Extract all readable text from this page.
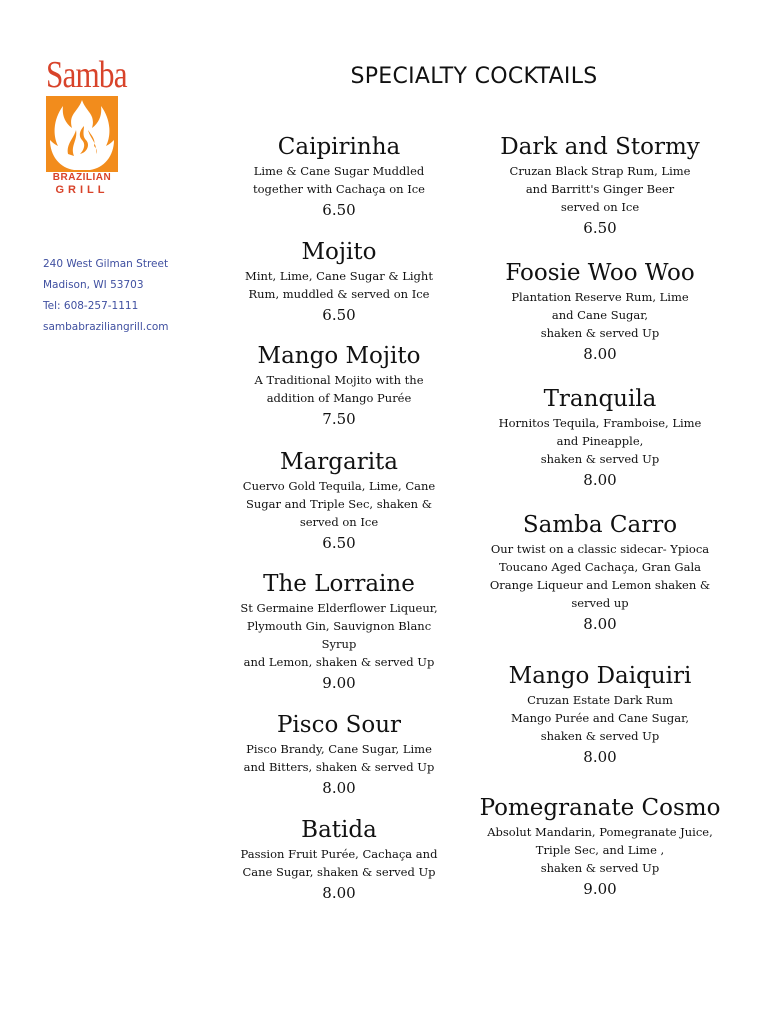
Samba
BRAZILIAN
GRILL
240 West Gilman Street
Madison, WI 53703
Tel: 608-257-1111
sambabraziliangrill.com
SPECIALTY COCKTAILS
Caipirinha
Lime & Cane Sugar Muddled
together with Cachaça on Ice
6.50
Mojito
Mint, Lime, Cane Sugar & Light
Rum, muddled & served on Ice
6.50
Mango Mojito
A Traditional Mojito with the
addition of Mango Purée
7.50
Margarita
Cuervo Gold Tequila, Lime, Cane
Sugar and Triple Sec, shaken &
served on Ice
6.50
The Lorraine
St Germaine Elderflower Liqueur,
Plymouth Gin, Sauvignon Blanc
Syrup
and Lemon, shaken & served Up
9.00
Pisco Sour
Pisco Brandy, Cane Sugar, Lime
and Bitters, shaken & served Up
8.00
Batida
Passion Fruit Purée, Cachaça and
Cane Sugar, shaken & served Up
8.00
Dark and Stormy
Cruzan Black Strap Rum, Lime
and Barritt's Ginger Beer
served on Ice
6.50
Foosie Woo Woo
Plantation Reserve Rum, Lime
and Cane Sugar,
shaken & served Up
8.00
Tranquila
Hornitos Tequila, Framboise, Lime
and Pineapple,
shaken & served Up
8.00
Samba Carro
Our twist on a classic sidecar- Ypioca
Toucano Aged Cachaça, Gran Gala
Orange Liqueur and Lemon shaken &
served up
8.00
Mango Daiquiri
Cruzan Estate Dark Rum
Mango Purée and Cane Sugar,
shaken & served Up
8.00
Pomegranate Cosmo
Absolut Mandarin, Pomegranate Juice,
Triple Sec, and Lime ,
shaken & served Up
9.00
